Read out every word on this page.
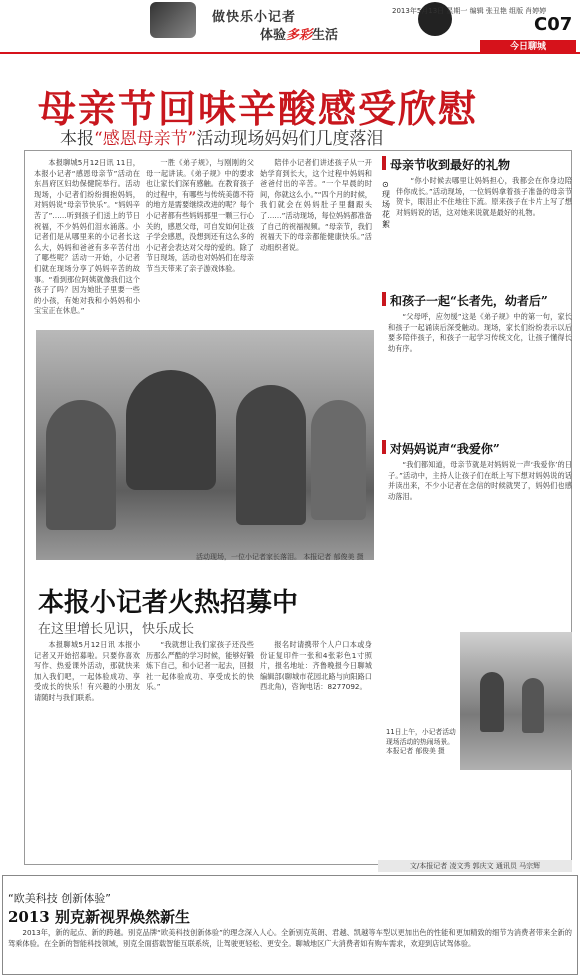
做快乐小记者
体验多彩生活
2013年5月13日 星期一 编辑 张丑艳 组版 肖婷婷
C07
今日聊城
母亲节回味辛酸感受欣慰
本报“感恩母亲节”活动现场妈妈们几度落泪
本报聊城5月12日讯 11日，本报小记者“感恩母亲节”活动在东昌府区妇幼保健院举行。活动现场，小记者们纷纷拥抱妈妈，对妈妈说“母亲节快乐”。“妈妈辛苦了”……听到孩子们送上的节日祝福，不少妈妈们泪水涌落。小记者们是从哪里来的小记者长这么大，妈妈和爸爸有多辛苦付出了哪些呢？活动一开始，小记者们就在现场分享了妈妈辛苦的故事。“看到那位阿姨就像我们这个孩子了吗？因为她肚子里要一些的小孩，有她对我和小妈妈和小宝宝正在休息。”
一胜《弟子规》，与刚刚的父母一起讲读。《弟子规》中的要求也让家长们深有感触。在教育孩子的过程中，有哪些与传统美德不符的地方是需要继续改进的呢？每个小记者都有些妈妈那里一颗三行心关的，感恩父母，可自发如何让孩子学会感恩，没想到还有这么多的小记者会表达对父母的爱的。除了节日现场，活动也对妈妈们在母亲节当天带来了亲子游戏体验。
陪伴小记者们讲述孩子从一开始学育到长大，这个过程中妈妈和爸爸付出的辛苦。“一个早晨的时间，你就这么小。”“四个月的时候，我们就会在妈妈肚子里翻跟头了……”活动现场，每位妈妈都准备了自己的祝福视频。“母亲节，我们祝福天下的母亲都能健康快乐。”活动组织者说。
活动现场，一位小记者家长落泪。 本报记者 郁俊美 摄
本报小记者火热招募中
在这里增长见识，快乐成长
本报聊城5月12日讯 本报小记者又开始招募啦。只要你喜欢写作、热爱课外活动，那就快来加入我们吧，一起体验成功、享受成长的快乐！有兴趣的小朋友请随时与我们联系。
“我就想让我们家孩子还没些历那么严酷的学习时候，能够好锻炼下自己，和小记者一起去，回报社一起体验成功、享受成长的快乐。”
报名时请携带个人户口本或身份证复印件一张和4张彩色1寸照片，报名地址：齐鲁晚报今日聊城编辑部(聊城市花园北路与向阳路口西北角)，咨询电话：8277092。
⊙现场花絮
母亲节收到最好的礼物
“你小时候去哪里让妈妈担心，我都会在你身边陪伴你成长。”活动现场，一位妈妈拿着孩子准备的母亲节贺卡，眼泪止不住地往下流。原来孩子在卡片上写了想对妈妈说的话，这对她来说就是最好的礼物。
和孩子一起“长者先，幼者后”
“父母呼，应勿缓”这是《弟子规》中的第一句，家长和孩子一起诵读后深受触动。现场，家长们纷纷表示以后要多陪伴孩子，和孩子一起学习传统文化，让孩子懂得长幼有序。
对妈妈说声“我爱你”
“我们都知道，母亲节就是对妈妈说一声‘我爱你’的日子。”活动中，主持人让孩子们在纸上写下想对妈妈说的话并读出来，不少小记者在念信的时候就哭了，妈妈们也感动落泪。
11日上午，小记者活动现场活动的热闹场景。本报记者 郁俊美 摄
文/本报记者 凌文秀 郭庆文 通讯员 马宗辉
“欧美科技 创新体验”
2013 别克新视界焕然新生
2013年，新的起点、新的跨越。别克品牌“欧美科技创新体验”的理念深入人心。全新别克英朗、君越、凯越等车型以更加出色的性能和更加精致的细节为消费者带来全新的驾乘体验。在全新的智能科技领域，别克全面搭载智能互联系统，让驾驶更轻松、更安全。聊城地区广大消费者如有购车需求，欢迎到店试驾体验。
